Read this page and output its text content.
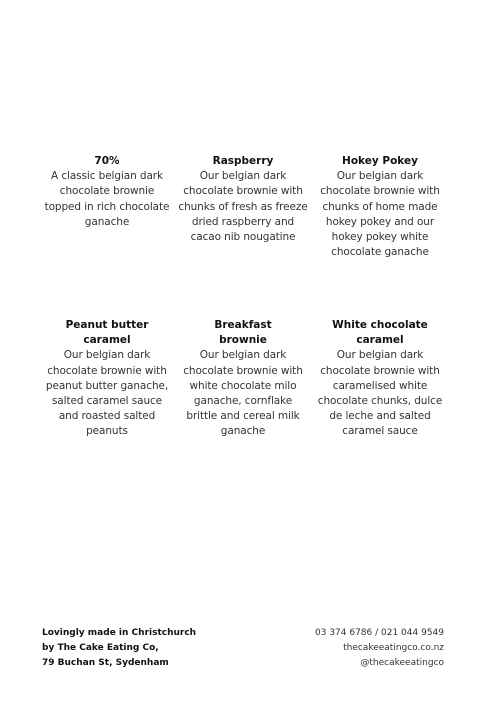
70%
A classic belgian dark chocolate brownie topped in rich chocolate ganache
Raspberry
Our belgian dark chocolate brownie with chunks of fresh as freeze dried raspberry and cacao nib nougatine
Hokey Pokey
Our belgian dark chocolate brownie with chunks of home made hokey pokey and our hokey pokey white chocolate ganache
Peanut butter caramel
Our belgian dark chocolate brownie with peanut butter ganache, salted caramel sauce and roasted salted peanuts
Breakfast brownie
Our belgian dark chocolate brownie with white chocolate milo ganache, cornflake brittle and cereal milk ganache
White chocolate caramel
Our belgian dark chocolate brownie with caramelised white chocolate chunks, dulce de leche and salted caramel sauce
Lovingly made in Christchurch
by The Cake Eating Co,
79 Buchan St, Sydenham
03 374 6786 / 021 044 9549
thecakeeatingco.co.nz
@thecakeeatingco
